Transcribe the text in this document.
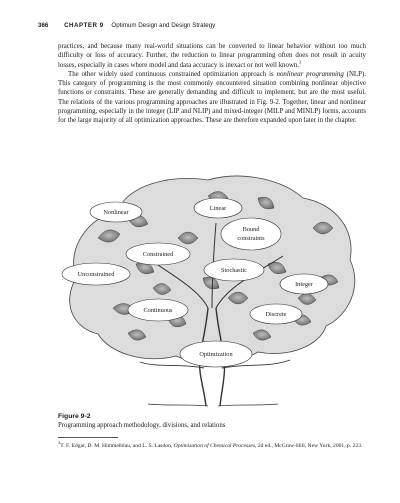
366	CHAPTER 9 Optimum Design and Design Strategy

practices, and because many real-world situations can be converted to linear behavior without too much difficulty or loss of accuracy. Further, the reduction to linear programming often does not result in acuity losses, especially in cases where model and data accuracy is inexact or not well known.$^3$

The other widely used continuous constrained optimization approach is nonlinear programming (NLP). This category of programming is the most commonly encountered situation combining nonlinear objective functions or constraints. These are generally demanding and difficult to implement, but are the most useful. The relations of the various programming approaches are illustrated in Fig. 9-2. Together, linear and nonlinear programming, especially in the integer (LIP and NLIP) and mixed-integer (MILP and MINLP) forms, accounts for the large majority of all optimization approaches. These are therefore expanded upon later in the chapter.

Nonlinear
Linear
Bound
constraints
Constrained
Stochastic
Unconstrained
Integer
Continuous
Discrete
Optimization
Figure 9-2
Programming approach methodology, divisions, and relations
$^3$T. F. Edgar, D. M. Himmelblau, and L. S. Lasdon, Optimization of Chemical Processes, 2d ed., McGraw-Hill, New York, 2001, p. 223.
